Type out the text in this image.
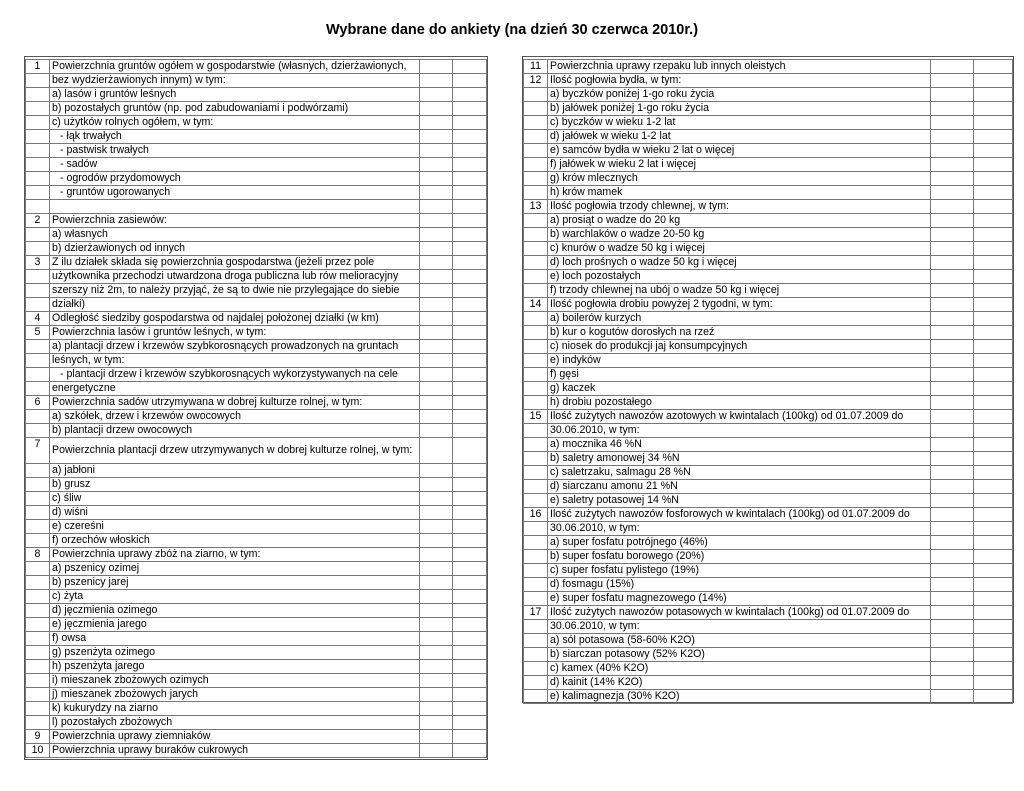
Wybrane dane do ankiety (na dzień 30 czerwca 2010r.)
1	Powierzchnia gruntów ogółem w gospodarstwie (własnych, dzierżawionych,		
	bez wydzierżawionych innym) w tym:		
	a) lasów i gruntów leśnych		
	b) pozostałych gruntów (np. pod zabudowaniami i podwórzami)		
	c) użytków rolnych ogółem, w tym:		
	- łąk trwałych		
	- pastwisk trwałych		
	- sadów		
	- ogrodów przydomowych		
	- gruntów ugorowanych		

2	Powierzchnia zasiewów:		
	a) własnych		
	b) dzierżawionych od innych		
3	Z ilu działek składa się powierzchnia gospodarstwa (jeżeli przez pole		
	użytkownika przechodzi utwardzona droga publiczna lub rów melioracyjny		
	szerszy niż 2m, to należy przyjąć, że są to dwie nie przylegające do siebie		
	działki)		
4	Odległość siedziby gospodarstwa od najdalej położonej działki (w km)		
5	Powierzchnia lasów i gruntów leśnych, w tym:		
	a) plantacji drzew i krzewów szybkorosnących prowadzonych na gruntach		
	leśnych, w tym:		
	- plantacji drzew i krzewów szybkorosnących wykorzystywanych na cele		
	energetyczne		
6	Powierzchnia sadów utrzymywana w dobrej kulturze rolnej, w tym:		
	a) szkółek, drzew i krzewów owocowych		
	b) plantacji drzew owocowych		
7	Powierzchnia plantacji drzew utrzymywanych w dobrej kulturze rolnej, w tym:		
	a) jabłoni		
	b) grusz		
	c) śliw		
	d) wiśni		
	e) czereśni		
	f) orzechów włoskich		
8	Powierzchnia uprawy zbóż na ziarno, w tym:		
	a) pszenicy ozimej		
	b) pszenicy jarej		
	c) żyta		
	d) jęczmienia ozimego		
	e) jęczmienia jarego		
	f) owsa		
	g) pszenżyta ozimego		
	h) pszenżyta jarego		
	i) mieszanek zbożowych ozimych		
	j) mieszanek zbożowych jarych		
	k) kukurydzy na ziarno		
	l) pozostałych zbożowych		
9	Powierzchnia uprawy ziemniaków		
10	Powierzchnia uprawy buraków cukrowych		
11	Powierzchnia uprawy rzepaku lub innych oleistych		
12	Ilość pogłowia bydła, w tym:		
	a) byczków poniżej 1-go roku życia		
	b) jałówek poniżej 1-go roku życia		
	c) byczków w wieku 1-2 lat		
	d) jałówek w wieku 1-2 lat		
	e) samców bydła w wieku 2 lat o więcej		
	f) jałówek w wieku 2 lat i więcej		
	g) krów mlecznych		
	h) krów mamek		
13	Ilość pogłowia trzody chlewnej, w tym:		
	a) prosiąt o wadze do 20 kg		
	b) warchlaków o wadze 20-50 kg		
	c) knurów o wadze 50 kg i więcej		
	d) loch prośnych o wadze 50 kg i więcej		
	e) loch pozostałych		
	f) trzody chlewnej na ubój o wadze 50 kg i więcej		
14	Ilość pogłowia drobiu powyżej 2 tygodni, w tym:		
	a) boilerów kurzych		
	b) kur o kogutów dorosłych na rzeź		
	c) niosek do produkcji jaj konsumpcyjnych		
	e) indyków		
	f) gęsi		
	g) kaczek		
	h) drobiu pozostałego		
15	Ilość zużytych nawozów azotowych w kwintalach (100kg) od 01.07.2009 do		
	30.06.2010, w tym:		
	a) mocznika 46 %N		
	b) saletry amonowej 34 %N		
	c) saletrzaku, salmagu 28 %N		
	d) siarczanu amonu 21 %N		
	e) saletry potasowej 14 %N		
16	Ilość zużytych nawozów fosforowych w kwintalach (100kg) od 01.07.2009 do		
	30.06.2010, w tym:		
	a) super fosfatu potrójnego (46%)		
	b) super fosfatu borowego (20%)		
	c) super fosfatu pylistego (19%)		
	d) fosmagu (15%)		
	e) super fosfatu magnezowego (14%)		
17	Ilość zużytych nawozów potasowych w kwintalach (100kg) od 01.07.2009 do		
	30.06.2010, w tym:		
	a) sól potasowa (58-60% K2O)		
	b) siarczan potasowy (52% K2O)		
	c) kamex (40% K2O)		
	d) kainit (14% K2O)		
	e) kalimagnezja (30% K2O)		
